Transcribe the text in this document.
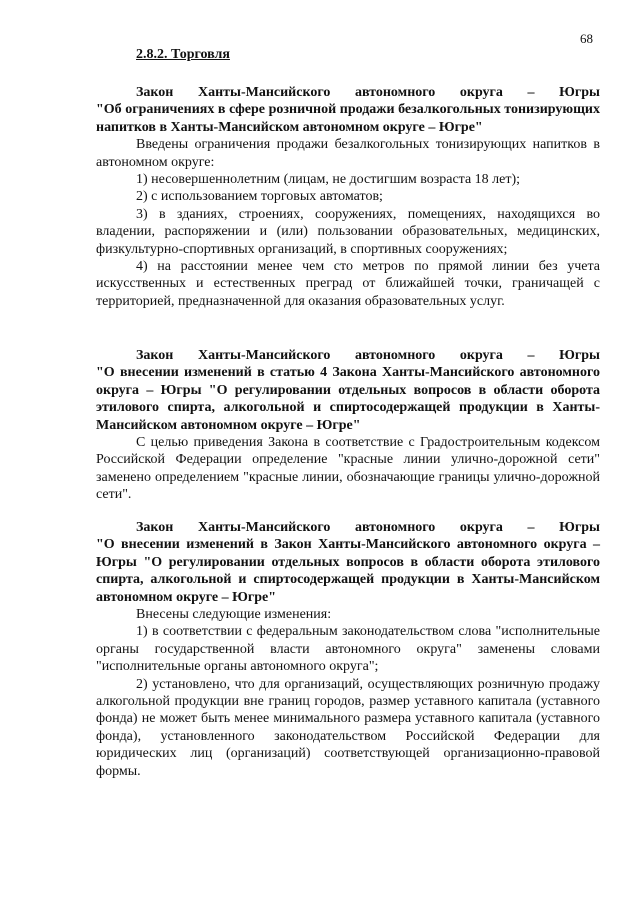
68
2.8.2. Торговля

Закон Ханты-Мансийского автономного округа – Югры
"Об ограничениях в сфере розничной продажи безалкогольных тонизирующих напитков в Ханты-Мансийском автономном округе – Югре"

Введены ограничения продажи безалкогольных тонизирующих напитков в автономном округе:

1) несовершеннолетним (лицам, не достигшим возраста 18 лет);

2) с использованием торговых автоматов;

3) в зданиях, строениях, сооружениях, помещениях, находящихся во владении, распоряжении и (или) пользовании образовательных, медицинских, физкультурно-спортивных организаций, в спортивных сооружениях;

4) на расстоянии менее чем сто метров по прямой линии без учета искусственных и естественных преград от ближайшей точки, граничащей с территорией, предназначенной для оказания образовательных услуг.

Закон Ханты-Мансийского автономного округа – Югры
"О внесении изменений в статью 4 Закона Ханты-Мансийского автономного округа – Югры "О регулировании отдельных вопросов в области оборота этилового спирта, алкогольной и спиртосодержащей продукции в Ханты-Мансийском автономном округе – Югре"

С целью приведения Закона в соответствие с Градостроительным кодексом Российской Федерации определение "красные линии улично-дорожной сети" заменено определением "красные линии, обозначающие границы улично-дорожной сети".

Закон Ханты-Мансийского автономного округа – Югры
"О внесении изменений в Закон Ханты-Мансийского автономного округа – Югры "О регулировании отдельных вопросов в области оборота этилового спирта, алкогольной и спиртосодержащей продукции в Ханты-Мансийском автономном округе – Югре"

Внесены следующие изменения:

1) в соответствии с федеральным законодательством слова "исполнительные органы государственной власти автономного округа" заменены словами "исполнительные органы автономного округа";

2) установлено, что для организаций, осуществляющих розничную продажу алкогольной продукции вне границ городов, размер уставного капитала (уставного фонда) не может быть менее минимального размера уставного капитала (уставного фонда), установленного законодательством Российской Федерации для юридических лиц (организаций) соответствующей организационно-правовой формы.
